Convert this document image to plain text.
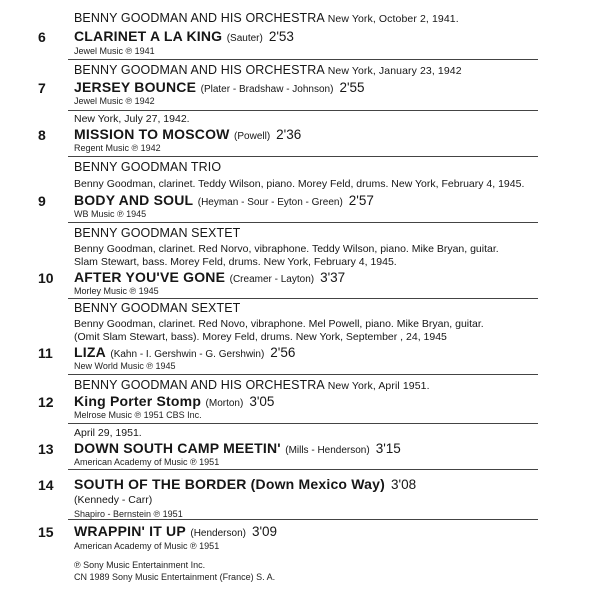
BENNY GOODMAN AND HIS ORCHESTRA New York, October 2, 1941.
6	CLARINET A LA KING (Sauter) 2'53
Jewel Music ℗ 1941
BENNY GOODMAN AND HIS ORCHESTRA New York, January 23, 1942
7	JERSEY BOUNCE (Plater - Bradshaw - Johnson) 2'55
Jewel Music ℗ 1942
New York, July 27, 1942.
8	MISSION TO MOSCOW (Powell) 2'36
Regent Music ℗ 1942
BENNY GOODMAN TRIO
Benny Goodman, clarinet. Teddy Wilson, piano. Morey Feld, drums. New York, February 4, 1945.
9	BODY AND SOUL (Heyman - Sour - Eyton - Green) 2'57
WB Music ℗ 1945
BENNY GOODMAN SEXTET
Benny Goodman, clarinet. Red Norvo, vibraphone. Teddy Wilson, piano. Mike Bryan, guitar.
Slam Stewart, bass. Morey Feld, drums. New York, February 4, 1945.
10	AFTER YOU'VE GONE (Creamer - Layton) 3'37
Morley Music ℗ 1945
BENNY GOODMAN SEXTET
Benny Goodman, clarinet. Red Novo, vibraphone. Mel Powell, piano. Mike Bryan, guitar.
(Omit Slam Stewart, bass). Morey Feld, drums. New York, September , 24, 1945
11	LIZA (Kahn - I. Gershwin - G. Gershwin) 2'56
New World Music ℗ 1945
BENNY GOODMAN AND HIS ORCHESTRA New York, April 1951.
12	King Porter Stomp (Morton) 3'05
Melrose Music ℗ 1951 CBS Inc.
April 29, 1951.
13	DOWN SOUTH CAMP MEETIN' (Mills - Henderson) 3'15
American Academy of Music ℗ 1951
14	SOUTH OF THE BORDER (Down Mexico Way) 3'08
(Kennedy - Carr)
Shapiro - Bernstein ℗ 1951
15	WRAPPIN' IT UP (Henderson) 3'09
American Academy of Music ℗ 1951
℗ Sony Music Entertainment Inc.
CN 1989 Sony Music Entertainment (France) S. A.
